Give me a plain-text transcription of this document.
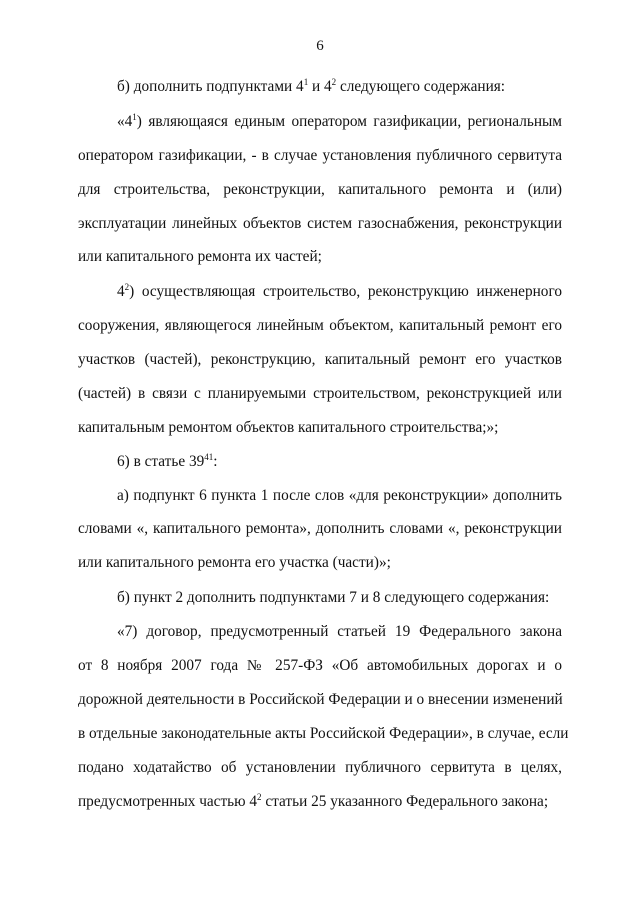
6
б) дополнить подпунктами $4^1$ и $4^2$ следующего содержания:
«$4^1$) являющаяся единым оператором газификации, региональным
оператором газификации, - в случае установления публичного сервитута
для строительства, реконструкции, капитального ремонта и (или)
эксплуатации линейных объектов систем газоснабжения, реконструкции
или капитального ремонта их частей;
$4^2$) осуществляющая строительство, реконструкцию инженерного
сооружения, являющегося линейным объектом, капитальный ремонт его
участков (частей), реконструкцию, капитальный ремонт его участков
(частей) в связи с планируемыми строительством, реконструкцией или
капитальным ремонтом объектов капитального строительства;»;
6) в статье $39^{41}$:
а) подпункт 6 пункта 1 после слов «для реконструкции» дополнить
словами «, капитального ремонта», дополнить словами «, реконструкции
или капитального ремонта его участка (части)»;
б) пункт 2 дополнить подпунктами 7 и 8 следующего содержания:
«7) договор, предусмотренный статьей 19 Федерального закона
от 8 ноября 2007 года № 257-ФЗ «Об автомобильных дорогах и о
дорожной деятельности в Российской Федерации и о внесении изменений
в отдельные законодательные акты Российской Федерации», в случае, если
подано ходатайство об установлении публичного сервитута в целях,
предусмотренных частью $4^2$ статьи 25 указанного Федерального закона;
